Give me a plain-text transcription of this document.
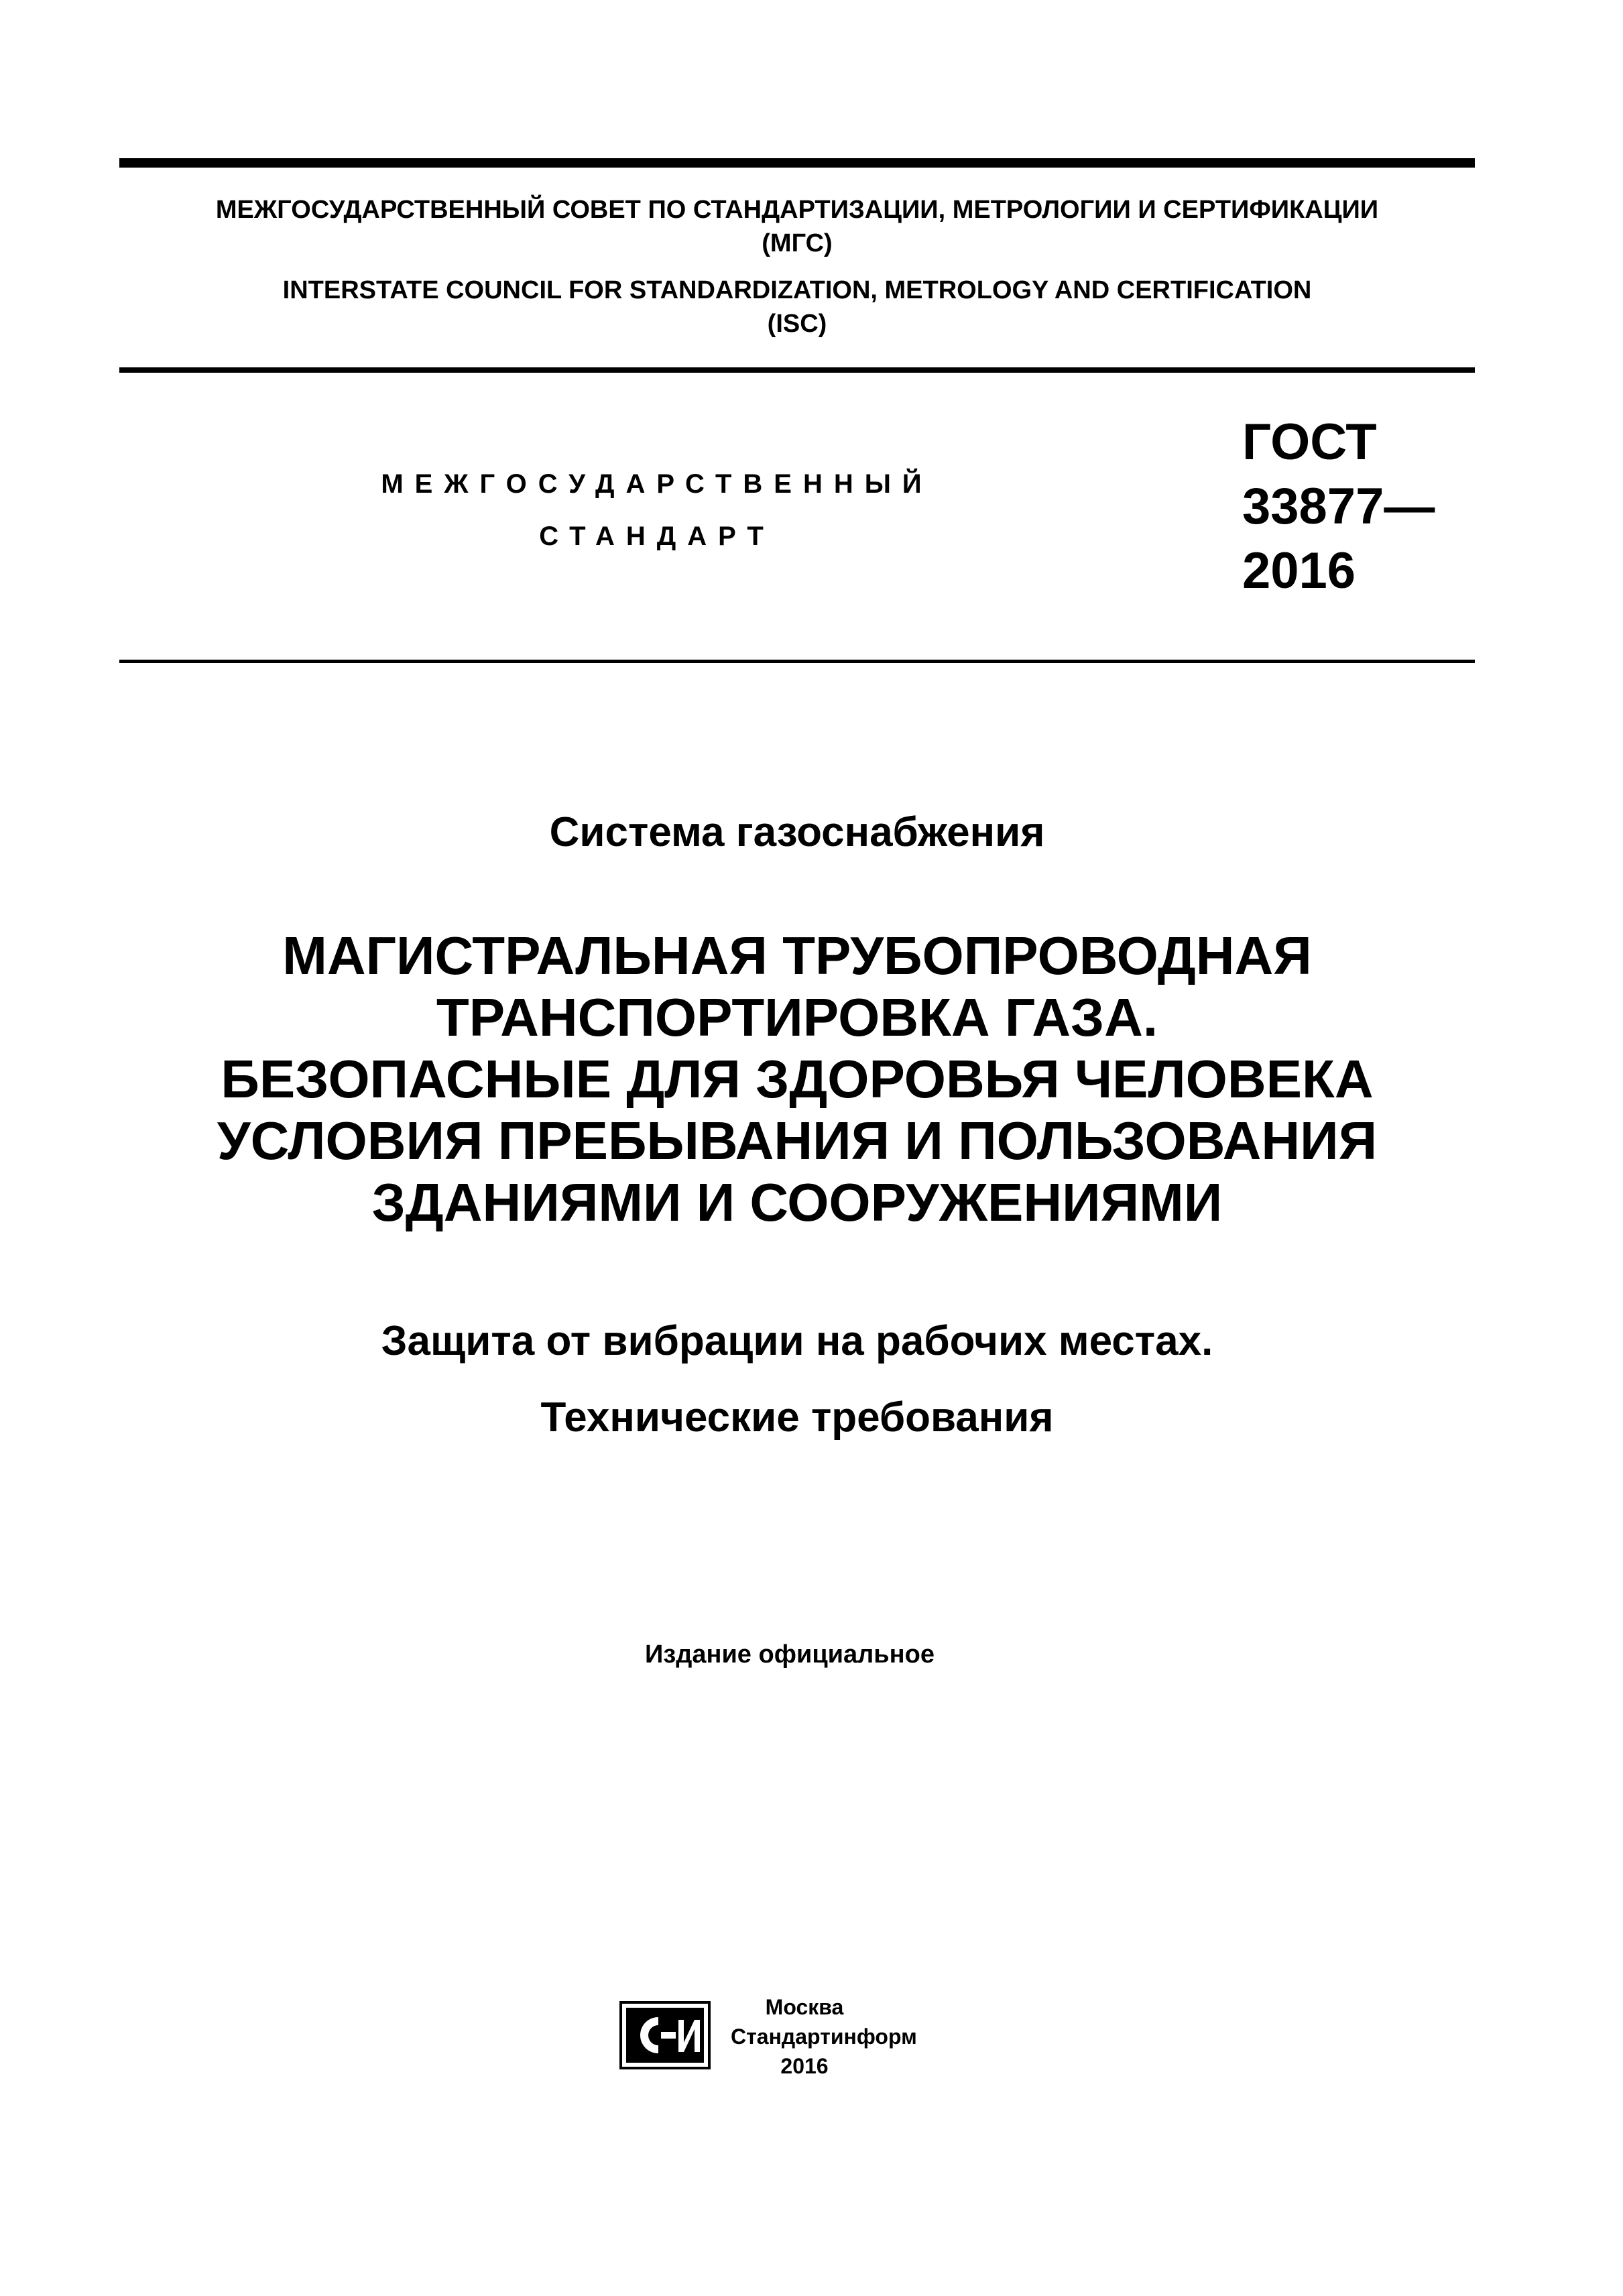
МЕЖГОСУДАРСТВЕННЫЙ СОВЕТ ПО СТАНДАРТИЗАЦИИ, МЕТРОЛОГИИ И СЕРТИФИКАЦИИ
(МГС)
INTERSTATE COUNCIL FOR STANDARDIZATION, METROLOGY AND CERTIFICATION
(ISC)
МЕЖГОСУДАРСТВЕННЫЙ
СТАНДАРТ
ГОСТ
33877—
2016
Система газоснабжения
МАГИСТРАЛЬНАЯ ТРУБОПРОВОДНАЯ
ТРАНСПОРТИРОВКА ГАЗА.
БЕЗОПАСНЫЕ ДЛЯ ЗДОРОВЬЯ ЧЕЛОВЕКА
УСЛОВИЯ ПРЕБЫВАНИЯ И ПОЛЬЗОВАНИЯ
ЗДАНИЯМИ И СООРУЖЕНИЯМИ
Защита от вибрации на рабочих местах.
Технические требования
Издание официальное
Москва
Стандартинформ
2016
